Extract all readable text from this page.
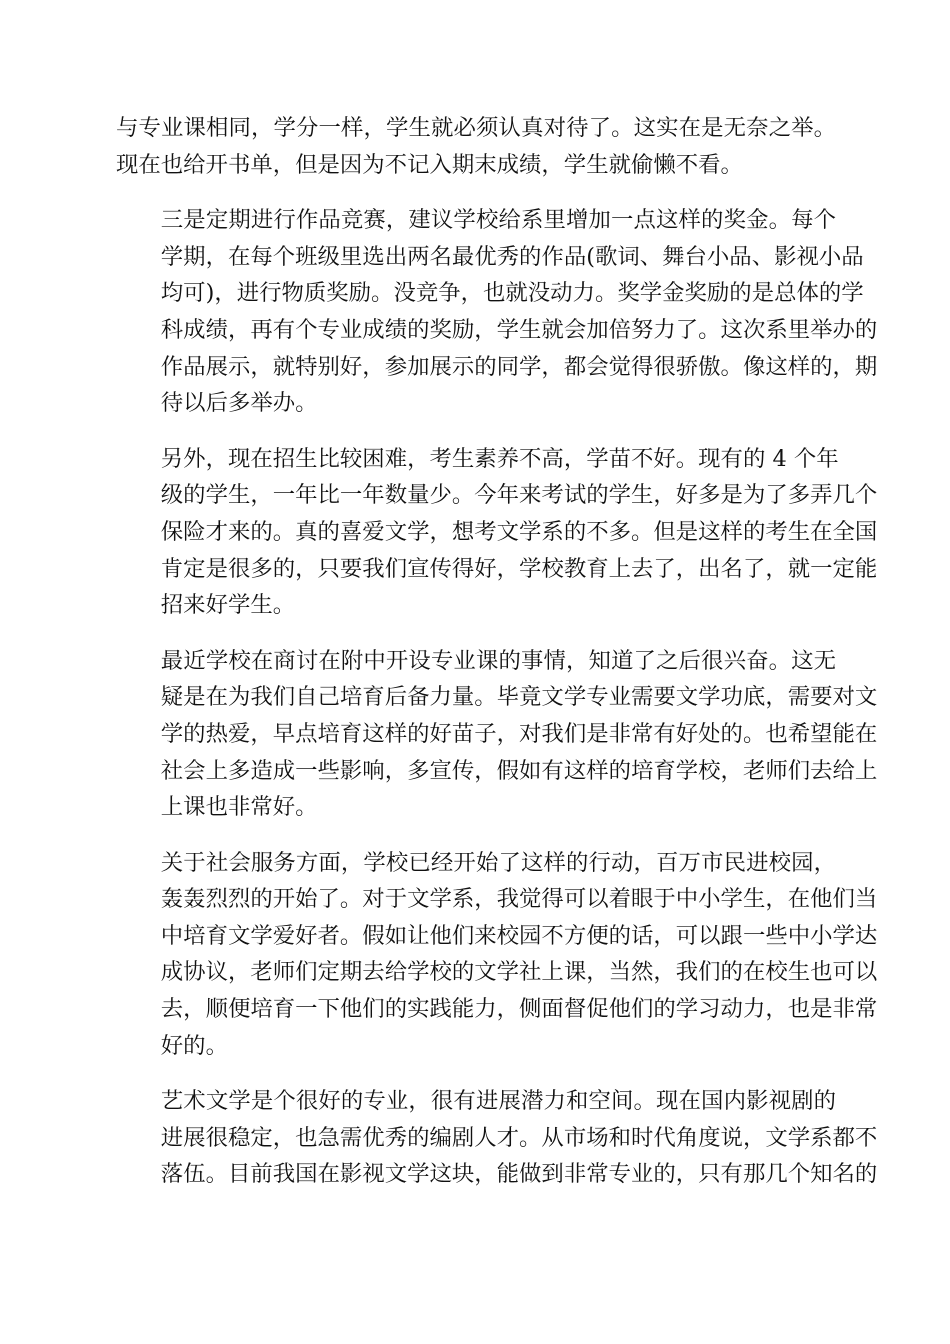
与专业课相同，学分一样，学生就必须认真对待了。这实在是无奈之举。
现在也给开书单，但是因为不记入期末成绩，学生就偷懒不看。

三是定期进行作品竞赛，建议学校给系里增加一点这样的奖金。每个
学期，在每个班级里选出两名最优秀的作品(歌词、舞台小品、影视小品
均可)，进行物质奖励。没竞争，也就没动力。奖学金奖励的是总体的学
科成绩，再有个专业成绩的奖励，学生就会加倍努力了。这次系里举办的
作品展示，就特别好，参加展示的同学，都会觉得很骄傲。像这样的，期
待以后多举办。

另外，现在招生比较困难，考生素养不高，学苗不好。现有的 4 个年
级的学生，一年比一年数量少。今年来考试的学生，好多是为了多弄几个
保险才来的。真的喜爱文学，想考文学系的不多。但是这样的考生在全国
肯定是很多的，只要我们宣传得好，学校教育上去了，出名了，就一定能
招来好学生。

最近学校在商讨在附中开设专业课的事情，知道了之后很兴奋。这无
疑是在为我们自己培育后备力量。毕竟文学专业需要文学功底，需要对文
学的热爱，早点培育这样的好苗子，对我们是非常有好处的。也希望能在
社会上多造成一些影响，多宣传，假如有这样的培育学校，老师们去给上
上课也非常好。

关于社会服务方面，学校已经开始了这样的行动，百万市民进校园，
轰轰烈烈的开始了。对于文学系，我觉得可以着眼于中小学生，在他们当
中培育文学爱好者。假如让他们来校园不方便的话，可以跟一些中小学达
成协议，老师们定期去给学校的文学社上课，当然，我们的在校生也可以
去，顺便培育一下他们的实践能力，侧面督促他们的学习动力，也是非常
好的。

艺术文学是个很好的专业，很有进展潜力和空间。现在国内影视剧的
进展很稳定，也急需优秀的编剧人才。从市场和时代角度说，文学系都不
落伍。目前我国在影视文学这块，能做到非常专业的，只有那几个知名的
